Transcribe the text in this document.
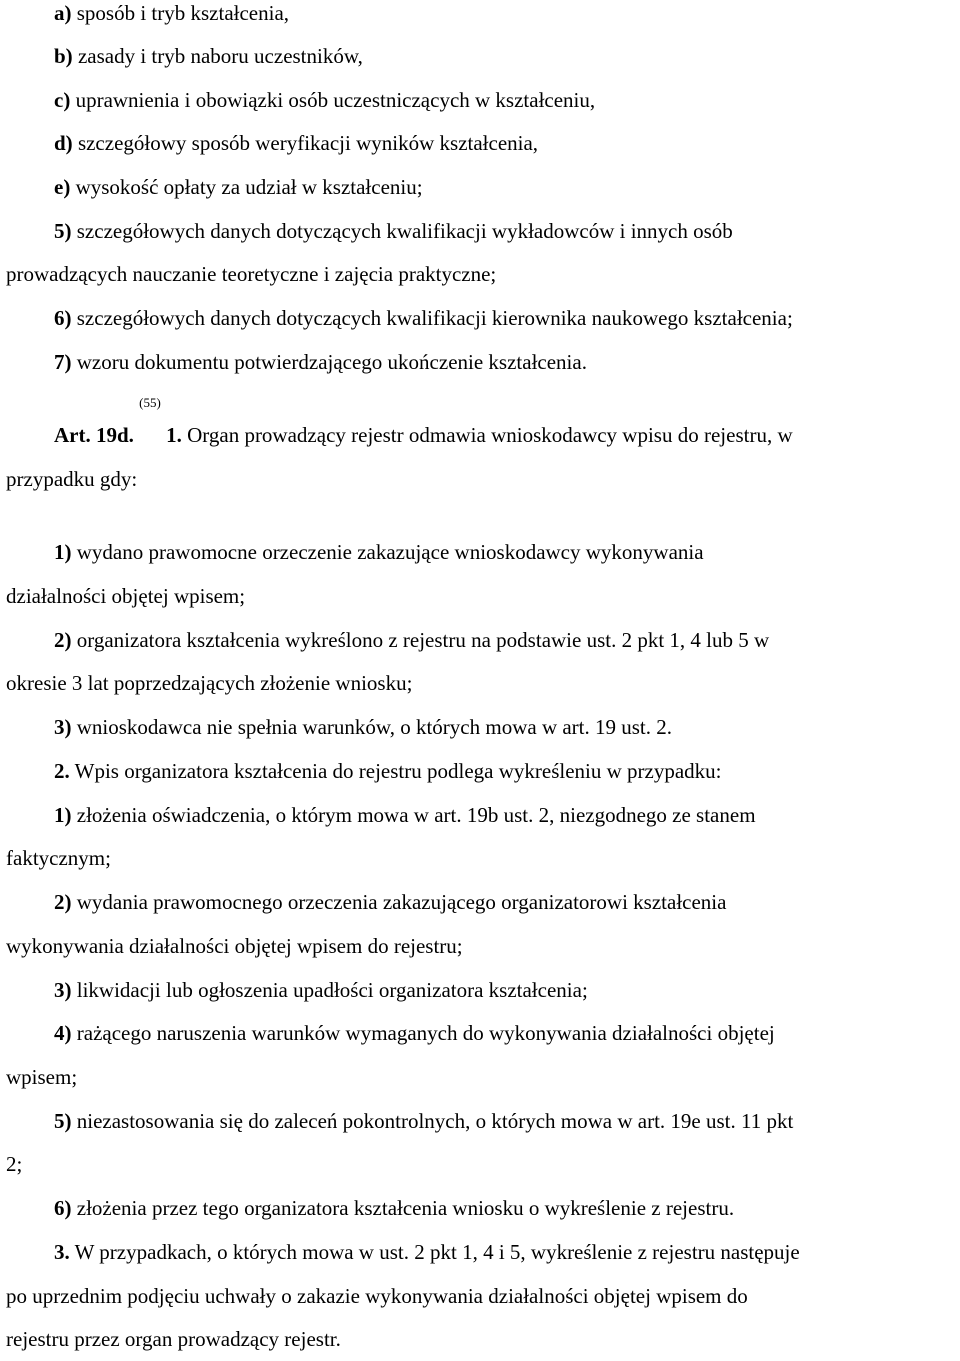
a) sposób i tryb kształcenia,
b) zasady i tryb naboru uczestników,
c) uprawnienia i obowiązki osób uczestniczących w kształceniu,
d) szczegółowy sposób weryfikacji wyników kształcenia,
e) wysokość opłaty za udział w kształceniu;
5) szczegółowych danych dotyczących kwalifikacji wykładowców i innych osób
prowadzących nauczanie teoretyczne i zajęcia praktyczne;
6) szczegółowych danych dotyczących kwalifikacji kierownika naukowego kształcenia;
7) wzoru dokumentu potwierdzającego ukończenie kształcenia.
Art. 19d. $^{(55)}$ 1. Organ prowadzący rejestr odmawia wnioskodawcy wpisu do rejestru, w
przypadku gdy:
1) wydano prawomocne orzeczenie zakazujące wnioskodawcy wykonywania
działalności objętej wpisem;
2) organizatora kształcenia wykreślono z rejestru na podstawie ust. 2 pkt 1, 4 lub 5 w
okresie 3 lat poprzedzających złożenie wniosku;
3) wnioskodawca nie spełnia warunków, o których mowa w art. 19 ust. 2.
2. Wpis organizatora kształcenia do rejestru podlega wykreśleniu w przypadku:
1) złożenia oświadczenia, o którym mowa w art. 19b ust. 2, niezgodnego ze stanem
faktycznym;
2) wydania prawomocnego orzeczenia zakazującego organizatorowi kształcenia
wykonywania działalności objętej wpisem do rejestru;
3) likwidacji lub ogłoszenia upadłości organizatora kształcenia;
4) rażącego naruszenia warunków wymaganych do wykonywania działalności objętej
wpisem;
5) niezastosowania się do zaleceń pokontrolnych, o których mowa w art. 19e ust. 11 pkt
2;
6) złożenia przez tego organizatora kształcenia wniosku o wykreślenie z rejestru.
3. W przypadkach, o których mowa w ust. 2 pkt 1, 4 i 5, wykreślenie z rejestru następuje
po uprzednim podjęciu uchwały o zakazie wykonywania działalności objętej wpisem do
rejestru przez organ prowadzący rejestr.
